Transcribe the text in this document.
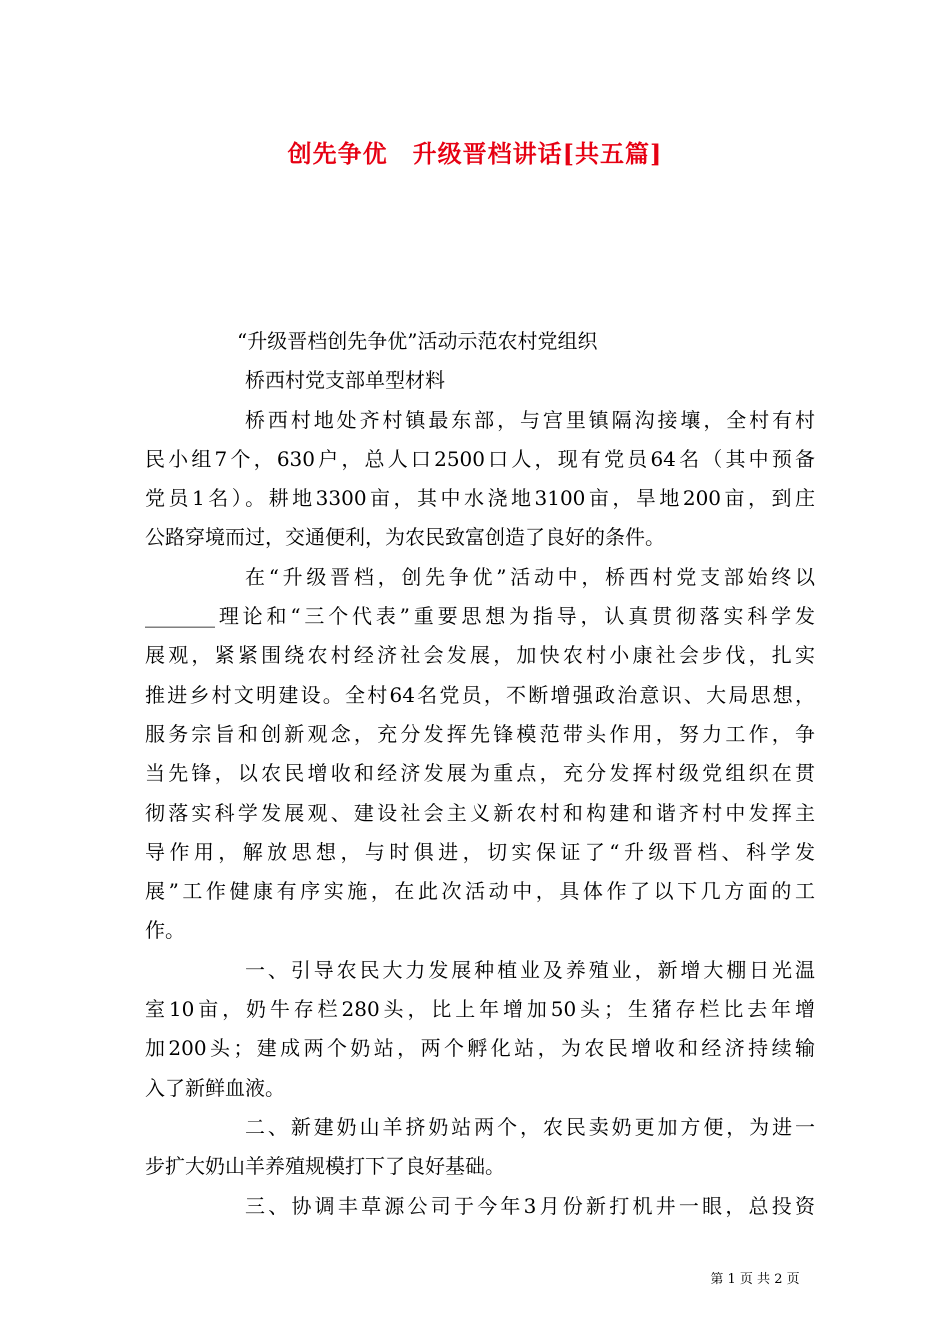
创先争优　升级晋档讲话[共五篇]
“升级晋档创先争优”活动示范农村党组织
桥西村党支部单型材料
桥西村地处齐村镇最东部，与宫里镇隔沟接壤，全村有村
民小组7个，630户，总人口2500口人，现有党员64名（其中预备
党员1名）。耕地3300亩，其中水浇地3100亩，旱地200亩，到庄
公路穿境而过，交通便利，为农民致富创造了良好的条件。
在“升级晋档，创先争优”活动中，桥西村党支部始终以
_______理论和“三个代表”重要思想为指导，认真贯彻落实科学发
展观，紧紧围绕农村经济社会发展，加快农村小康社会步伐，扎实
推进乡村文明建设。全村64名党员，不断增强政治意识、大局思想，
服务宗旨和创新观念，充分发挥先锋模范带头作用，努力工作，争
当先锋，以农民增收和经济发展为重点，充分发挥村级党组织在贯
彻落实科学发展观、建设社会主义新农村和构建和谐齐村中发挥主
导作用，解放思想，与时俱进，切实保证了“升级晋档、科学发
展”工作健康有序实施，在此次活动中，具体作了以下几方面的工
作。
一、引导农民大力发展种植业及养殖业，新增大棚日光温
室10亩，奶牛存栏280头，比上年增加50头；生猪存栏比去年增
加200头；建成两个奶站，两个孵化站，为农民增收和经济持续输
入了新鲜血液。
二、新建奶山羊挤奶站两个，农民卖奶更加方便，为进一
步扩大奶山羊养殖规模打下了良好基础。
三、协调丰草源公司于今年3月份新打机井一眼，总投资
第 1 页 共 2 页
